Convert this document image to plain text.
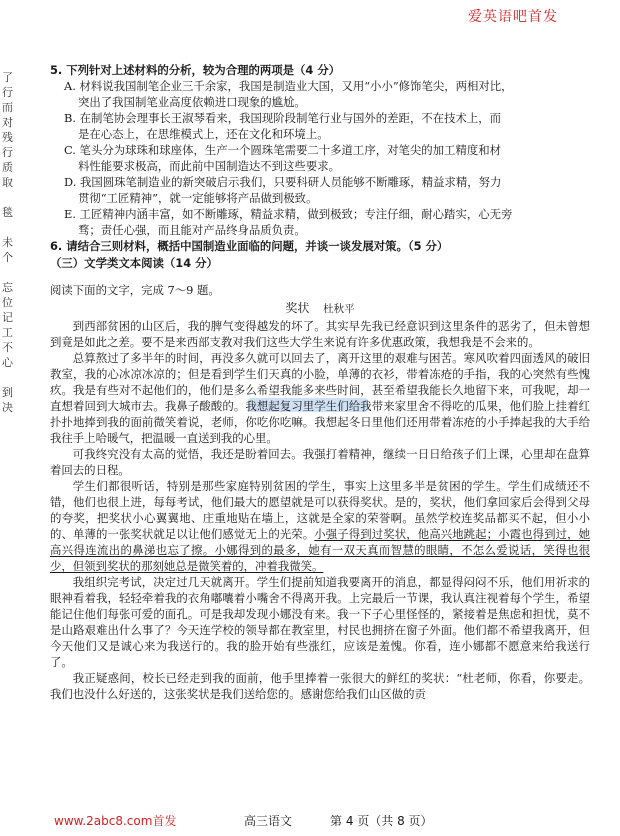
爱英语吧首发
了
行
而
对
残
行
质
取

毯

未
个

忘
位
记
工
不
心

到
决

5. 下列针对上述材料的分析，较为合理的两项是（4 分）

A. 材料说我国制笔企业三千余家，我国是制造业大国，又用“小小”修饰笔尖，两相对比，
突出了我国制笔业高度依赖进口现象的尴尬。

B. 在制笔协会理事长王淑琴看来，我国现阶段制笔行业与国外的差距，不在技术上，而
是在心态上，在思维模式上，还在文化和环境上。

C. 笔头分为球珠和球座体，生产一个圆珠笔需要二十多道工序，对笔尖的加工精度和材
料性能要求极高，而此前中国制造达不到这些要求。

D. 我国圆珠笔制造业的新突破启示我们，只要科研人员能够不断雕琢，精益求精，努力
贯彻“工匠精神”，就一定能够将产品做到极致。

E. 工匠精神内涵丰富，如不断雕琢，精益求精，做到极致；专注仔细，耐心踏实，心无旁
骛；责任心强，而且能对产品终身品质负责。

6. 请结合三则材料，概括中国制造业面临的问题，并谈一谈发展对策。（5 分）

（三）文学类文本阅读（14 分）

阅读下面的文字，完成 7～9 题。

奖状 杜秋平

到西部贫困的山区后，我的脾气变得越发的坏了。其实早先我已经意识到这里条件的恶劣了，但未曾想到竟是如此之差。要不是来西部支教对我们这些大学生来说有许多优惠政策，我想我是不会来的。

总算熬过了多半年的时间，再没多久就可以回去了，离开这里的艰难与困苦。寒风吹着四面透风的破旧教室，我的心冰凉冰凉的；但是看到学生们天真的小脸，单薄的衣衫，带着冻疮的手指，我的心突然有些愧疚。我是有些对不起他们的，他们是多么希望我能多来些时间，甚至希望我能长久地留下来，可我呢，却一直想着回到大城市去。我鼻子酸酸的。我想起复习里学生们给我带来家里舍不得吃的瓜果，他们脸上挂着红扑扑地捧到我的面前微笑着说，老师，你吃你吃嘛。我想起冬日里他们还用带着冻疮的小手捧起我的大手给我往手上哈暖气，把温暖一直送到我的心里。

可我终究没有太高的觉悟，我还是盼着回去。我强打着精神，继续一日日给孩子们上课，心里却在盘算着回去的日程。

学生们都很听话，特别是那些家庭特别贫困的学生，事实上这里多半是贫困的学生。学生们成绩还不错，他们也很上进，每每考试，他们最大的愿望就是可以获得奖状。是的，奖状，他们拿回家后会得到父母的夸奖，把奖状小心翼翼地、庄重地贴在墙上，这就是全家的荣誉啊。虽然学校连奖品都买不起，但小小的、单薄的一张奖状就足以让他们感觉无上的光荣。小强子得到过奖状，他高兴地跳起；小霞也得到过，她高兴得连流出的鼻涕也忘了擦。小娜得到的最多，她有一双天真而智慧的眼睛，不怎么爱说话，笑得也很少，但领到奖状的那刻她总是微笑着的，冲着我微笑。

我组织完考试，决定过几天就离开。学生们提前知道我要离开的消息，都显得闷闷不乐，他们用祈求的眼神看着我，轻轻牵着我的衣角嘟囔着小嘴舍不得离开我。上完最后一节课，我认真注视着每个学生，希望能记住他们每张可爱的面孔。可是我却发现小娜没有来。我一下子心里怪怪的，紧接着是焦虑和担忧，莫不是山路艰难出什么事了？今天连学校的领导都在教室里，村民也拥挤在窗子外面。他们都不希望我离开，但今天他们又是诚心来为我送行的。我的脸开始有些涨红，应该是羞愧。你看，连小娜都不愿意来给我送行了。

我正疑惑间，校长已经走到我的面前，他手里捧着一张很大的鲜红的奖状：“杜老师，你看，你要走。我们也没什么好送的，这张奖状是我们送给您的。感谢您给我们山区做的贡

www.2abc8.com首发	高三语文	第 4 页（共 8 页）
